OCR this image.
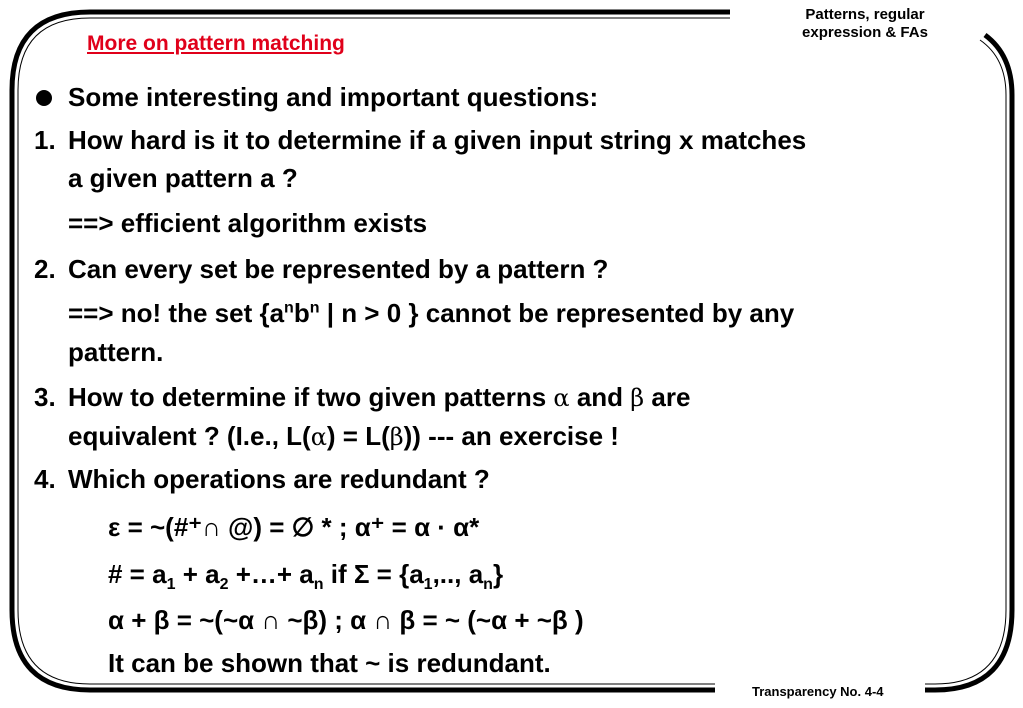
More on pattern matching
Patterns, regular
expression & FAs
Transparency No. 4-4
Some interesting and important questions:
1. How hard is it to determine if a given input string x matches
a given pattern a ?
==> efficient algorithm exists
2. Can every set be represented by a pattern ?
==> no! the set {$a^nb^n$ | n > 0 } cannot be represented by any
pattern.
3. How to determine if two given patterns α and β are
equivalent ? (I.e., L(α) = L(β)) --- an exercise !
4. Which operations are redundant ?
ε = ~(#⁺∩ @) = ∅ * ; α⁺ = α · α*
# = $a_1 + a_2$ +…+ $a_n$ if $\Sigma = \{a_1$,.., $a_n$}
α + β = ~(~α ∩ ~β) ; α ∩ β = ~ (~α + ~β )
It can be shown that ~ is redundant.
